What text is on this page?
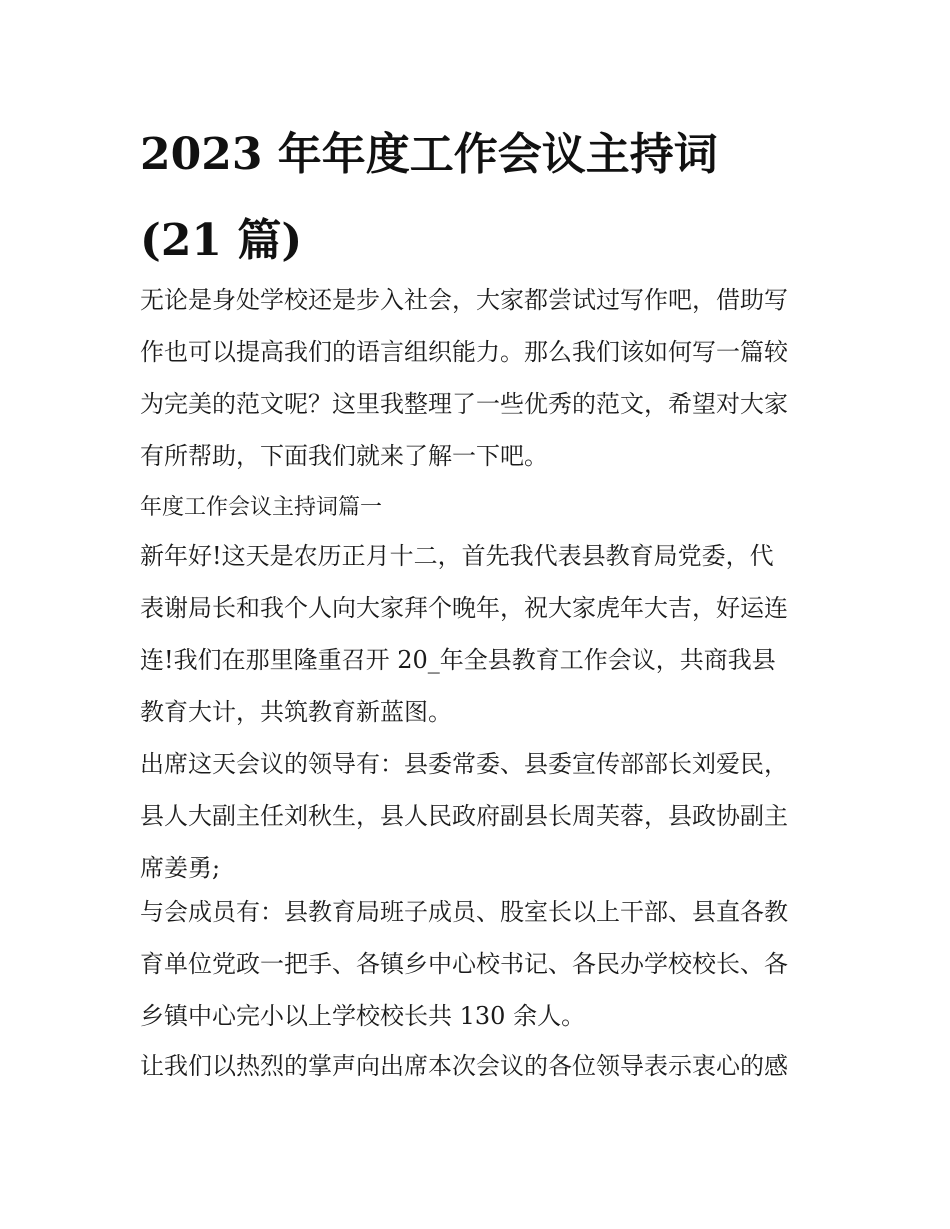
2023 年年度工作会议主持词
(21 篇)
无论是身处学校还是步入社会，大家都尝试过写作吧，借助写
作也可以提高我们的语言组织能力。那么我们该如何写一篇较
为完美的范文呢？这里我整理了一些优秀的范文，希望对大家
有所帮助，下面我们就来了解一下吧。
年度工作会议主持词篇一
新年好!这天是农历正月十二，首先我代表县教育局党委，代
表谢局长和我个人向大家拜个晚年，祝大家虎年大吉，好运连
连!我们在那里隆重召开 20_年全县教育工作会议，共商我县
教育大计，共筑教育新蓝图。
出席这天会议的领导有：县委常委、县委宣传部部长刘爱民，
县人大副主任刘秋生，县人民政府副县长周芙蓉，县政协副主
席姜勇;
与会成员有：县教育局班子成员、股室长以上干部、县直各教
育单位党政一把手、各镇乡中心校书记、各民办学校校长、各
乡镇中心完小以上学校校长共 130 余人。
让我们以热烈的掌声向出席本次会议的各位领导表示衷心的感
